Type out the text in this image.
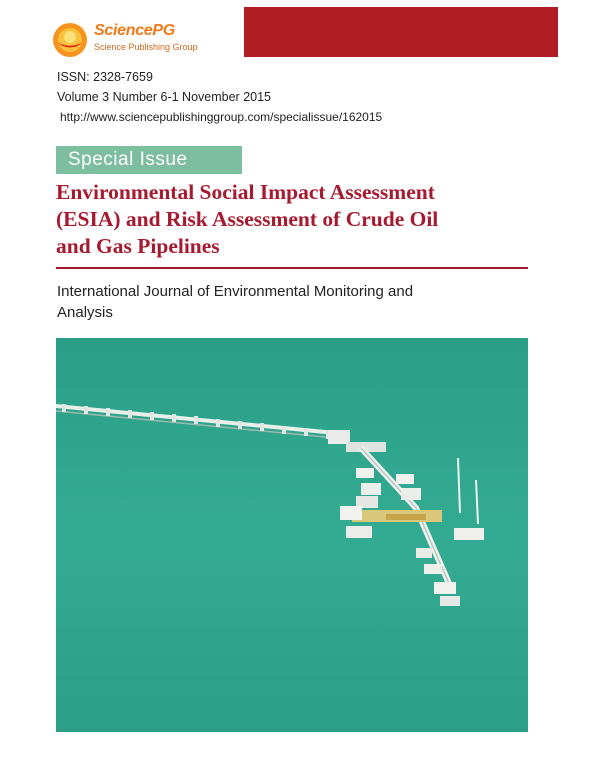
SciencePG
Science Publishing Group
ISSN: 2328-7659
Volume 3 Number 6-1 November 2015
http://www.sciencepublishinggroup.com/specialissue/162015
Special Issue
Environmental Social Impact Assessment
(ESIA) and Risk Assessment of Crude Oil
and Gas Pipelines
International Journal of Environmental Monitoring and
Analysis
